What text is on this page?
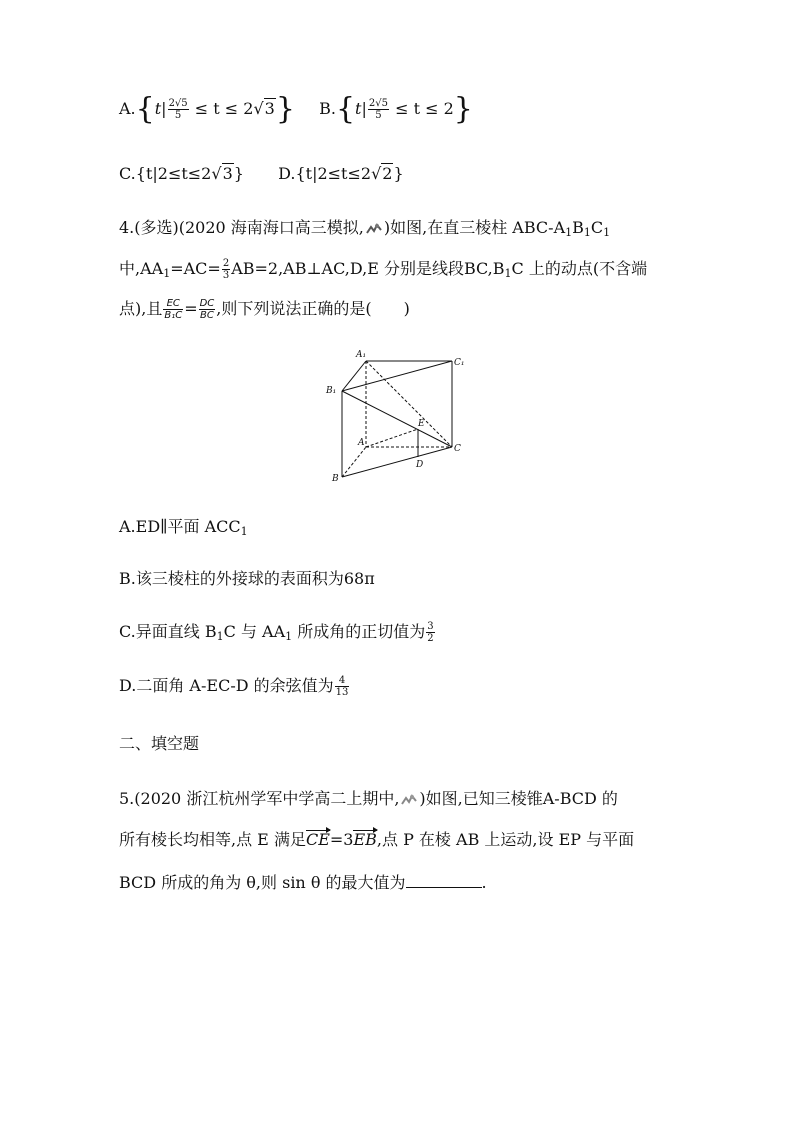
$A.\{t| \frac{2√5}{5} \le t \le 2√3\}$ $B.\{t| \frac{2√5}{5} \le t \le 2\}$
C.{t|2≤t≤2√3} D.{t|2≤t≤2√2}
4.(多选)(2020 海南海口高三模拟, )如图,在直三棱柱 ABC-$A_1B_1C_1$
中$,AA_1=AC= \frac{2}{3}$ AB=2,AB⊥AC,D,E 分别是线段$BC,B_1C$ 上的动点(不含端
点),且 $\frac{EC}{\text{B₁C}} = \frac{DC}{BC}$ ,则下列说法正确的是(　　)
A₁
C₁
B₁
E
A
C
D
B
A.ED∥平面 $ACC_1$
B.该三棱柱的外接球的表面积为68π
C.异面直线 $B_1C$ 与 $AA_1$ 所成角的正切值为 $\frac{3}{2}$
D.二面角 A-EC-D 的余弦值为 $\frac{4}{13}$
二、填空题
5.(2020 浙江杭州学军中学高二上期中, )如图,已知三棱锥A-BCD 的
所有棱长均相等,点 E 满足CE=3EB,点 P 在棱 AB 上运动,设 EP 与平面
BCD 所成的角为 θ,则 sin θ 的最大值为	.
